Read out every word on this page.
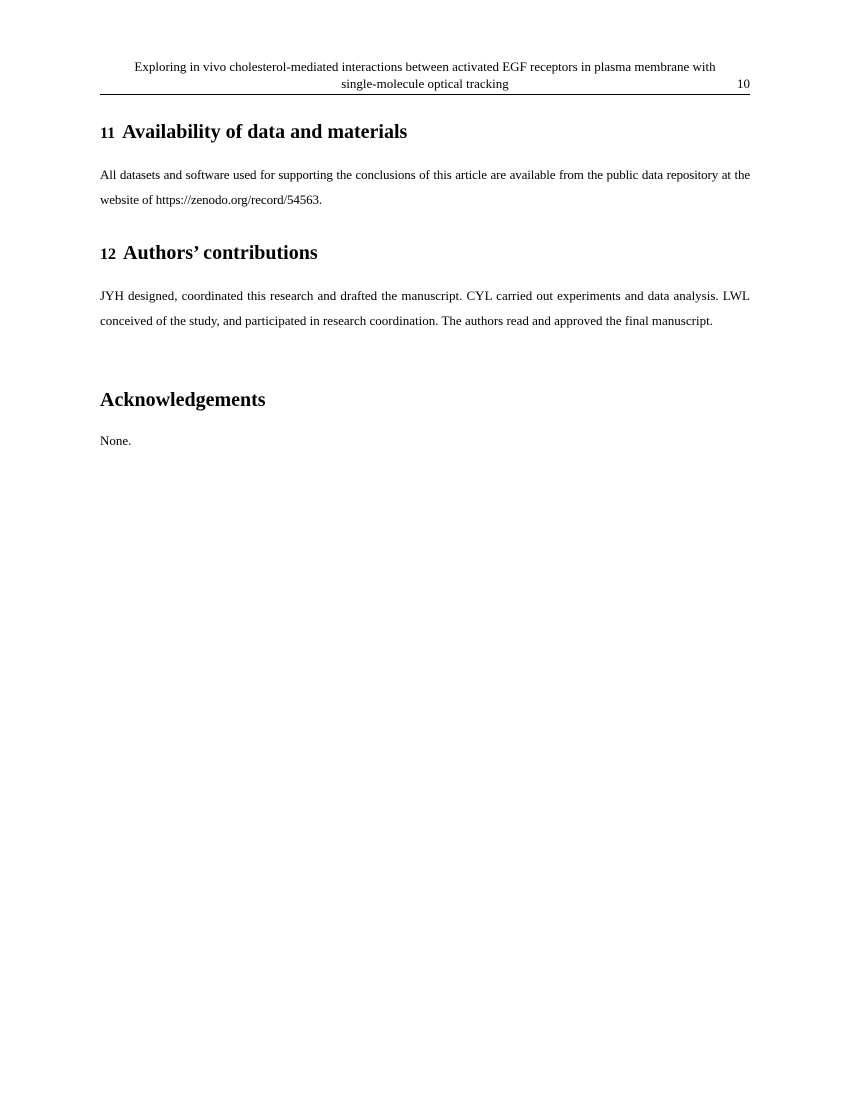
Exploring in vivo cholesterol-mediated interactions between activated EGF receptors in plasma membrane with
single-molecule optical tracking	10
11 Availability of data and materials

All datasets and software used for supporting the conclusions of this article are available from the public data repository at the website of https://zenodo.org/record/54563.

12 Authors’ contributions

JYH designed, coordinated this research and drafted the manuscript. CYL carried out experiments and data analysis. LWL conceived of the study, and participated in research coordination. The authors read and approved the final manuscript.

Acknowledgements

None.
